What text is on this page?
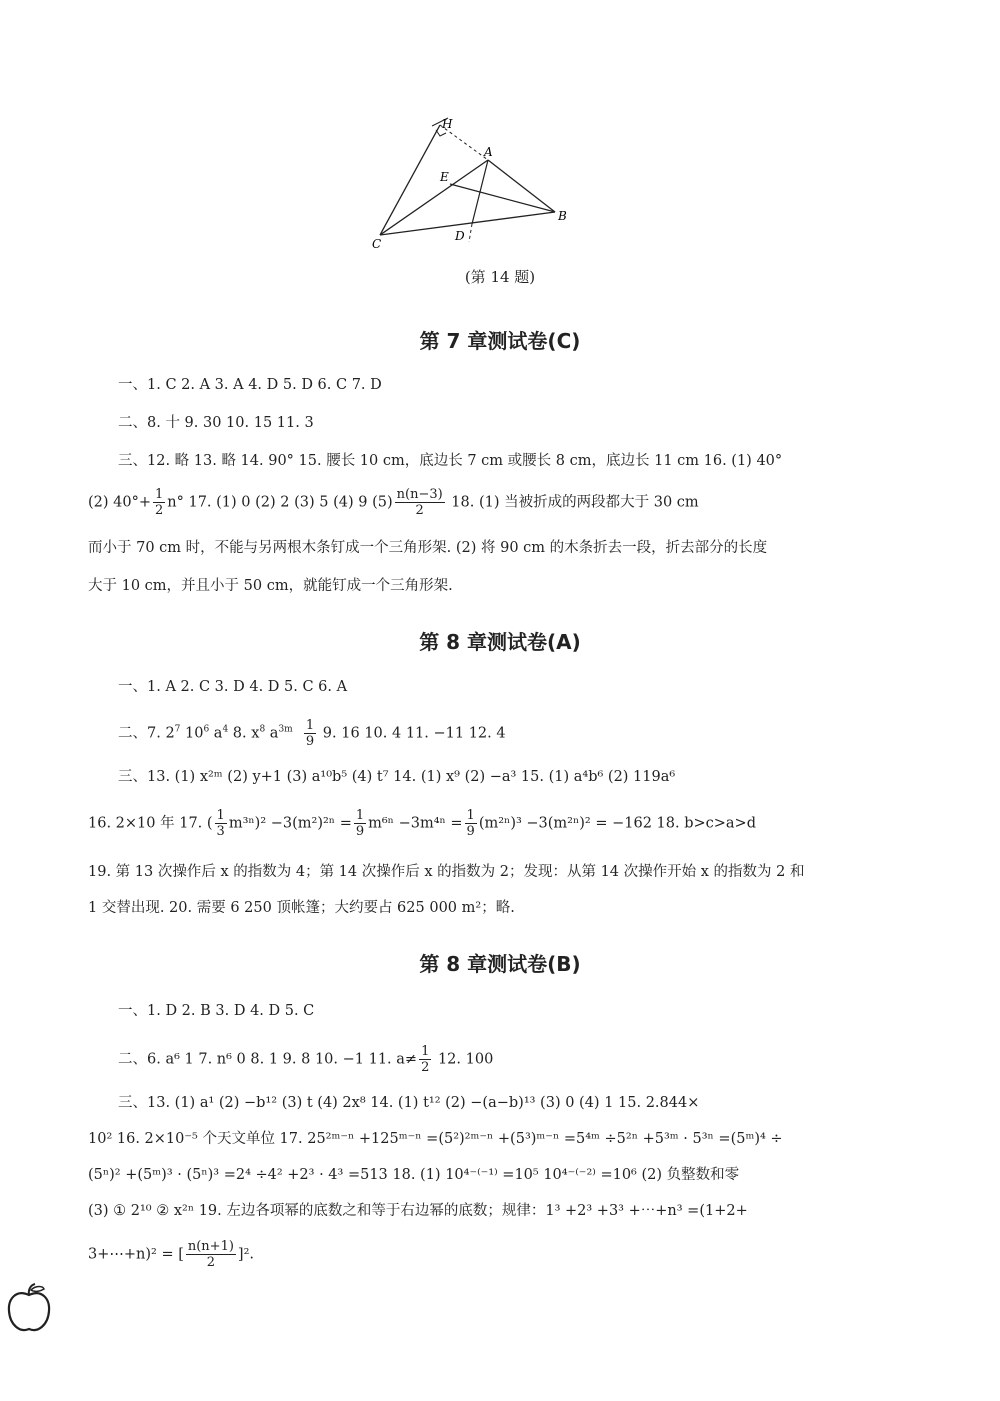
H
A
E
C
D
B
(第 14 题)
第 7 章测试卷(C)
一、1. C 2. A 3. A 4. D 5. D 6. C 7. D
二、8. 十 9. 30 10. 15 11. 3
三、12. 略 13. 略 14. 90° 15. 腰长 10 cm，底边长 7 cm 或腰长 8 cm，底边长 11 cm 16. (1) 40°
(2) $40^\circ+ \frac{1}{2} n^\circ$ 17. (1) 0 (2) 2 (3) 5 (4) 9 $(5) \frac{n(n-3)}{2} 18$. (1) 当被折成的两段都大于 30 cm
而小于 70 cm 时，不能与另两根木条钉成一个三角形架. (2) 将 90 cm 的木条折去一段，折去部分的长度
大于 10 cm，并且小于 50 cm，就能钉成一个三角形架.
第 8 章测试卷(A)
一、1. A 2. C 3. D 4. D 5. C 6. A
二、7. $2^7$ $10^6$ $a^4$ 8. $x^8$ $a^{3m} \frac{1}{9} 9$. 16 10. 4 11. −11 12. 4
三、13. (1) x²ᵐ (2) y+1 (3) a¹⁰b⁵ (4) t⁷ 14. (1) x⁹ (2) −a³ 15. (1) a⁴b⁶ (2) 119a⁶
16. 2×10 年 17. ( $\frac{1}{3} m^{3n})^2 -3(m^2)^{2n} = \frac{1}{9} m^{6n} -3m^{4n} = \frac{1}{9} (m^{2n})^3 -3(m^{2n})^2 = -162$ 18. b>c>a>d
19. 第 13 次操作后 x 的指数为 4；第 14 次操作后 x 的指数为 2；发现：从第 14 次操作开始 x 的指数为 2 和
1 交替出现. 20. 需要 6 250 顶帐篷；大约要占 625 000 m²；略.
第 8 章测试卷(B)
一、1. D 2. B 3. D 4. D 5. C
二、6. a⁶ 1 7. n⁶ 0 8. 1 9. 8 10. −1 11. $a\ne \frac{1}{2} 12$. 100
三、13. (1) a¹ (2) −b¹² (3) t (4) 2x⁸ 14. (1) t¹² (2) −(a−b)¹³ (3) 0 (4) 1 15. 2.844×
10² 16. 2×10⁻⁵ 个天文单位 17. 25²ᵐ⁻ⁿ +125ᵐ⁻ⁿ =(5²)²ᵐ⁻ⁿ +(5³)ᵐ⁻ⁿ =5⁴ᵐ ÷5²ⁿ +5³ᵐ · 5³ⁿ =(5ᵐ)⁴ ÷
(5ⁿ)² +(5ᵐ)³ · (5ⁿ)³ =2⁴ ÷4² +2³ · 4³ =513 18. (1) 10⁴⁻⁽⁻¹⁾ =10⁵ 10⁴⁻⁽⁻²⁾ =10⁶ (2) 负整数和零
(3) ① 2¹⁰ ② x²ⁿ 19. 左边各项幂的底数之和等于右边幂的底数；规律：1³ +2³ +3³ +⋯+n³ =(1+2+
3+⋯+n)² = [ $\frac{n(n+1)}{2} ]^2$.
